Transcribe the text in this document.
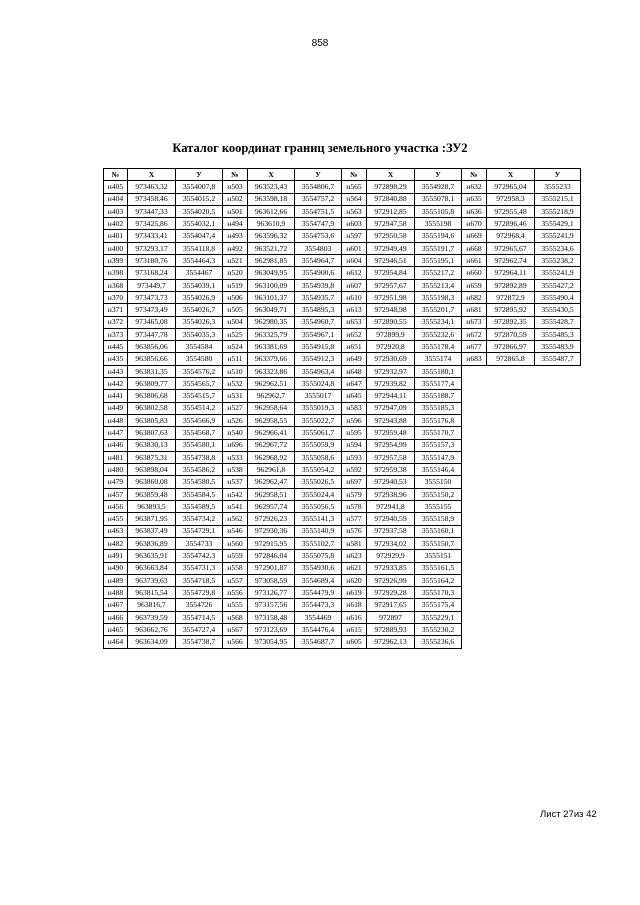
858
Каталог координат границ земельного участка :ЗУ2
№	X	У	№	X	У	№	X	У	№	X	У
н405	973463,32	3554007,8	н503	963523,43	3554806,7	н565	972898,29	3554928,7	н632	972965,04	3555233
н404	973458,46	3554015,2	н502	963598,18	3554757,2	н564	972840,88	3555078,1	н635	972958,3	3555215,1
н403	973447,33	3554020,5	н501	963612,66	3554751,5	н563	972912,85	3555105,8	н636	972955,48	3555218,9
н402	973425,86	3554032,1	н494	963610,9	3554747,9	н603	972947,58	3555198	н670	972896,46	3555429,1
н401	973433,41	3554047,4	н493	963596,32	3554753,6	н597	972950,58	3555194,6	н669	972968,4	3555241,9
н400	973293,17	3554118,8	н492	963521,72	3554803	н601	972949,49	3555191,7	н668	972965,67	3555234,6
н399	973180,76	3554464,3	н521	962981,85	3554964,7	н604	972946,51	3555195,1	н661	972962,74	3555238,2
н398	973168,24	3554467	н520	963049,95	3554900,6	н612	972954,84	3555217,2	н660	972964,11	3555241,9
н368	973449,7	3554039,1	н519	963100,09	3554939,8	н607	972957,67	3555213,4	н659	972892,89	3555427,2
н370	973473,73	3554026,9	н506	963101,37	3554935,7	н610	972951,98	3555198,3	н682	972872,9	3555490,4
н371	973473,49	3554026,7	н505	963049,71	3554895,3	н613	972948,98	3555201,7	н681	972895,92	3555430,5
н372	973465,08	3554026,3	н504	962980,35	3554960,7	н653	972890,55	3555234,1	н673	972892,35	3555428,7
н373	973447,78	3554035,3	н525	963325,79	3554967,1	н652	972899,9	3555232,6	н672	972870,59	3555485,3
н445	963856,06	3554584	н524	963381,69	3554915,8	н651	972920,8	3555178,4	н677	972866,97	3555483,9
н435	963856,66	3554580	н511	963379,66	3554912,3	н649	972930,69	3555174	н683	972865,8	3555487,7
н443	963831,35	3554576,2	н510	963323,86	3554963,4	н648	972932,97	3555180,1			
н442	963809,77	3554565,7	н532	962962,51	3555024,8	н647	972939,82	3555177,4			
н441	963806,68	3554515,7	н531	962962,7	3555017	н645	972944,11	3555188,7			
н449	963802,58	3554514,2	н527	962958,64	3555019,3	н583	972947,09	3555185,3			
н448	963805,83	3554566,9	н526	962958,55	3555022,7	н596	972943,88	3555176,8			
н447	963807,63	3554568,7	н540	962966,41	3555061,7	н595	972959,48	3555170,7			
н446	963830,13	3554580,1	н696	962967,72	3555059,9	н594	972954,99	3555157,3			
н481	963875,31	3554738,8	н533	962968,92	3555058,6	н593	972957,58	3555147,9			
н480	963898,04	3554586,2	н538	962961,8	3555054,2	н592	972959,38	3555146,4			
н479	963860,08	3554580,5	н537	962962,47	3555026,5	н697	972940,53	3555150			
н457	963859,48	3554584,5	н542	962958,51	3555024,4	н579	972938,96	3555150,2			
н456	963893,5	3554589,5	н541	962957,74	3555056,5	н578	972941,8	3555155			
н455	963871,95	3554734,2	н562	972926,23	3555141,3	н577	972940,59	3555158,9			
н463	963837,49	3554729,1	н546	972930,36	3555140,9	н576	972937,58	3555160,1			
н482	963836,89	3554733	н560	972915,95	3555102,7	н581	972934,02	3555150,7			
н491	963635,91	3554742,3	н559	972846,04	3555075,8	н623	972929,9	3555151			
н490	963663,84	3554731,3	н558	972901,87	3554930,6	н621	972933,85	3555161,5			
н489	963739,63	3554718,5	н557	973058,59	3554689,4	н620	972926,99	3555164,2			
н488	963815,54	3554729,8	н556	973126,77	3554479,9	н619	972929,28	3555170,3			
н467	963816,7	3554726	н555	973157,56	3554473,3	н618	972917,65	3555175,4			
н466	963739,59	3554714,5	н568	973158,48	3554469	н616	972897	3555229,1			
н465	963662,76	3554727,4	н567	973123,69	3554476,4	н615	972889,93	3555230,2			
н464	963634,09	3554738,7	н566	973054,95	3554687,7	н605	972962,13	3555236,6			
Лист 27из 42
